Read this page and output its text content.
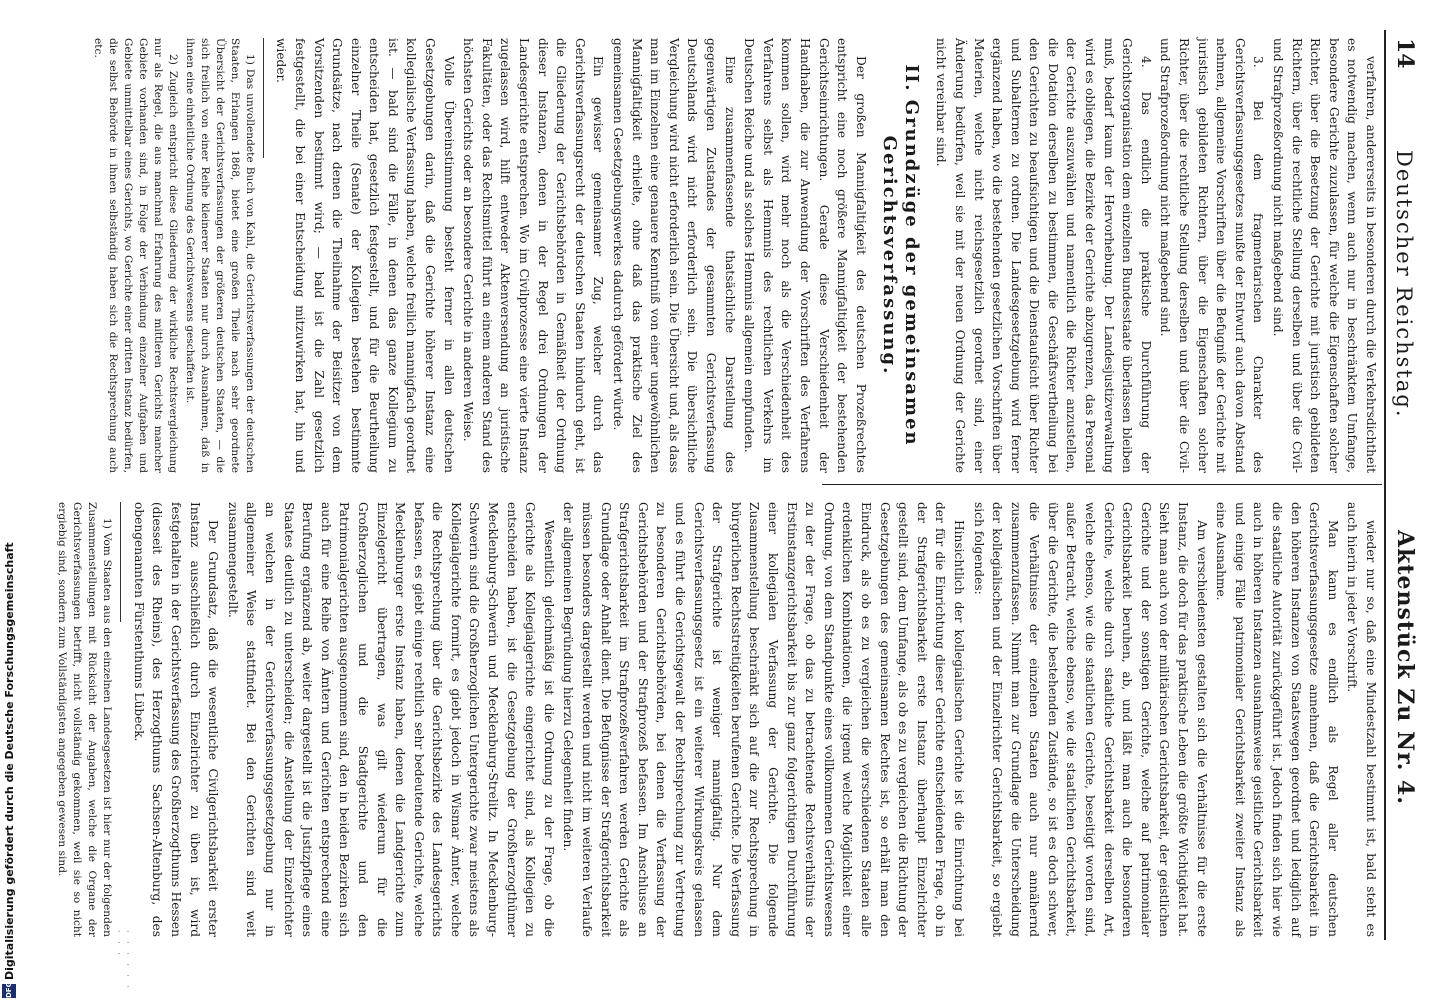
14
Deutscher Reichstag.
Aktenstück Zu Nr. 4.

verfahren, andererseits in besonderen durch die Verkehrsdichtheit es notwendig machen, wenn auch nur in beschränktem Umfange, besondere Gerichte zuzulassen, für welche die Eigenschaften solcher Richter, über die Besetzung der Gerichte mit juristisch gebildeten Richtern, über die rechtliche Stellung derselben und über die Civil- und Strafprozeßordnung nicht maßgebend sind.

3. Bei dem fragmentarischen Charakter des Gerichtsverfassungsgesetzes mußte der Entwurf auch davon Abstand nehmen, allgemeine Vorschriften über die Befugniß der Gerichte mit juristisch gebildeten Richtern, über die Eigenschaften solcher Richter, über die rechtliche Stellung derselben und über die Civil- und Strafprozeßordnung nicht maßgebend sind.

4. Das endlich die praktische Durchführung der Gerichtsorganisation dem einzelnen Bundesstaate überlassen bleiben muß, bedarf kaum der Hervorhebung. Der Landesjustizverwaltung wird es obliegen, die Bezirke der Gerichte abzugrenzen, das Personal der Gerichte auszuwählen und namentlich die Richter anzustellen, die Dotation derselben zu bestimmen, die Geschäftsvertheilung bei den Gerichten zu beaufsichtigen und die Dienstaufsicht über Richter und Subalternen zu ordnen. Die Landesgesetzgebung wird ferner ergänzend haben, wo die bestehenden gesetzlichen Vorschriften über Materien, welche nicht reichsgesetzlich geordnet sind, einer Änderung bedürfen, weil sie mit der neuen Ordnung der Gerichte nicht vereinbar sind.

II. Grundzüge der gemeinsamen Gerichtsverfassung.

Der großen Mannigfaltigkeit des deutschen Prozeßrechtes entspricht eine noch größere Mannigfaltigkeit der bestehenden Gerichtseinrichtungen. Gerade diese Verschiedenheit der Handhaben, die zur Anwendung der Vorschriften des Verfahrens kommen sollen, wird mehr noch als die Verschiedenheit des Verfahrens selbst als Hemmnis des rechtlichen Verkehrs im Deutschen Reiche und als solches Hemmnis allgemein empfunden.

Eine zusammenfassende thatsächliche Darstellung des gegenwärtigen Zustandes der gesammten Gerichtsverfassung Deutschlands wird nicht erforderlich sein. Die übersichtliche Vergleichung wird nicht erforderlich sein. Die Übersicht und, als dass man im Einzelnen eine genauere Kenntniß von einer ungewöhnlichen Mannigfaltigkeit erhielte, ohne daß das praktische Ziel des gemeinsamen Gesetzgebungswerkes dadurch gefördert würde.

Ein gewisser gemeinsamer Zug, welcher durch das Gerichtsverfassungsrecht der deutschen Staaten hindurch geht, ist die Gliederung der Gerichtsbehörden in Gemäßheit der Ordnung dieser Instanzen, denen in der Regel drei Ordnungen der Landesgerichte entsprechen. Wo im Civilprozesse eine vierte Instanz zugelassen wird, hilft entweder Aktenversendung an juristische Fakultäten, oder das Rechtsmittel führt an einem anderen Stand des höchsten Gerichts oder an besondere Gerichte in anderen Weise.

Volle Übereinstimmung besteht ferner in allen deutschen Gesetzgebungen darin, daß die Gerichte höherer Instanz eine kollegialische Verfassung haben, welche freilich mannigfach geordnet ist. — bald sind die Fälle, in denen das ganze Kollegium zu entscheiden hat, gesetzlich festgestellt, und für die Beurtheilung einzelner Theile (Senate) der Kollegien bestehen bestimmte Grundsätze, nach denen die Theilnahme der Beisitzer von dem Vorsitzenden bestimmt wird; — bald ist die Zahl gesetzlich festgestellt, die bei einer Entscheidung mitzuwirken hat, hin und wieder.

1) Das unvollendete Buch von Kahl, die Gerichtsverfassungen der deutschen Staaten, Erlangen 1868, bietet eine großen Theile nach sehr geordnete Übersicht der Gerichtsverfassungen der größeren deutschen Staaten, — die sich freilich von einer Reihe kleinerer Staaten nur durch Ausnahmen, daß in ihnen eine einheitliche Ordnung des Gerichtswesens geschaffen ist.

2) Zugleich entspricht diese Gliederung der wirkliche Rechtsvergleichung nur als Regel, die aus manchmal Erfahrung des mittleren Gerichts mancher Gebiete vorhanden sind, in Folge der Verbindung einzelner Aufgaben und Gebiete unmittelbar eines Gerichts, wo Gerichte einer dritten Instanz bedürfen, die selbst Behörde in ihnen selbständig haben sich die Rechtsprechung auch etc.

wieder nur so, daß eine Mindestzahl bestimmt ist, bald steht es auch hierin in jeder Vorschrift.

Man kann es endlich als Regel aller deutschen Gerichtsverfassungsgesetze annehmen, daß die Gerichtsbarkeit in den höheren Instanzen von Staatswegen geordnet und lediglich auf die staatliche Autorität zurückgeführt ist. Jedoch finden sich hier wie auch in höheren Instanzen ausnahmsweise geistliche Gerichtsbarkeit und einige Fälle patrimonialer Gerichtsbarkeit zweiter Instanz als eine Ausnahme.

Am verschiedensten gestalten sich die Verhältnisse für die erste Instanz, die doch für das praktische Leben die größte Wichtigkeit hat. Sieht man auch von der militärischen Gerichtsbarkeit, der geistlichen Gerichte und der sonstigen Gerichte, welche auf patrimonialer Gerichtsbarkeit beruhen, ab, und läßt man auch die besonderen Gerichte, welche durch staatliche Gerichtsbarkeit derselben Art, welche ebenso, wie die staatlichen Gerichte, beseitigt worden sind, außer Betracht, welche ebenso, wie die staatlichen Gerichtsbarkeit, über die Gerichte, die bestehenden Zustände, so ist es doch schwer, die Verhältnisse der einzelnen Staaten auch nur annähernd zusammenzufassen. Nimmt man zur Grundlage die Unterscheidung der kollegialischen und der Einzelrichter Gerichtsbarkeit, so ergiebt sich folgendes:

Hinsichtlich der kollegialischen Gerichte ist die Einrichtung bei der für die Einrichtung dieser Gerichte entscheidenden Frage, ob in der Strafgerichtsbarkeit erste Instanz überhaupt Einzelrichter gestellt sind, dem Umfange, als ob es zu vergleichen die Richtung der Gesetzgebungen des gemeinsamen Rechtes ist, so erhält man den Eindruck, als ob es zu vergleichen die verschiedenen Staaten alle erdenklichen Kombinationen, die irgend welche Möglichkeit einer Ordnung, von dem Standpunkte eines vollkommenen Gerichtswesens zu der der Frage, ob das zu betrachtende Rechtsverhältnis der Erstinstanzgerichtsbarkeit bis zur ganz folgerichtigen Durchführung einer kollegialen Verfassung der Gerichte. Die folgende Zusammenstellung beschränkt sich auf die zur Rechtsprechung in bürgerlichen Rechtsstreitigkeiten berufenen Gerichte. Die Verfassung der Strafgerichte ist weniger mannigfaltig. Nur dem Gerichtsverfassungsgesetz ist ein weiterer Wirkungskreis gelassen und es führt die Gerichtsgewalt der Rechtsprechung zur Vertretung zu besonderen Gerichtsbehörden, bei denen die Verfassung der Gerichtsbehörden und der Strafprozeß befassen. Im Anschlusse an Strafgerichtsbarkeit im Strafprozeßverfahren werden Gerichte als Grundlage oder Anhalt dient. Die Befugnisse der Strafgerichtsbarkeit müssen besonders dargestellt werden und nicht im weiteren Verlaufe der allgemeinen Begründung hierzu Gelegenheit finden.

Wesentlich gleichmäßig ist die Ordnung zu der Frage, ob die Gerichte als Kollegialgerichte eingerichtet sind, als Kollegien zu entscheiden haben, ist die Gesetzgebung der Großherzogthümer Mecklenburg-Schwerin und Mecklenburg-Strelitz. In Mecklenburg-Schwerin sind die Großherzoglichen Untergerichte zwar meistens als Kollegialgerichte formirt, es giebt jedoch in Wismar Ämter, welche die Rechtsprechung über die Gerichtsbezirke des Landesgerichts befassen, es giebt einige rechtlich sehr bedeutende Gerichte, welche Mecklenburger erste Instanz haben, denen die Landgerichte zum Einzelgericht übertragen, was gilt wiederum für die Großherzoglichen und die Stadtgerichte und den Patrimonialgerichten ausgenommen sind, den in beiden Bezirken sich auch für eine Reihe von Ämtern und Gerichten entsprechend eine Berufung ergänzend ab, weiter dargestellt ist die Justizpflege eines Staates deutlich zu unterscheiden; die Anstellung der Einzelrichter an welchen in der Gerichtsverfassungsgesetzgebung nur in allgemeiner Weise stattfindet. Bei den Gerichten sind weit zusammengestellt.

Der Grundsatz, daß die wesentliche Civilgerichtsbarkeit erster Instanz ausschließlich durch Einzelrichter zu üben ist, wird festgehalten in der Gerichtsverfassung des Großherzogthums Hessen (diesseit des Rheins), des Herzogthums Sachsen-Altenburg, des obengenannten Fürstenthums Lübeck.

1) Vom Staaten aus den einzelnen Landesgesetzen ist hier nur der folgenden Zusammenstellungen mit Rücksicht der Angaben, welche die Organe der Gerichtsverfassungen betrifft, nicht vollständig gekommen, weil sie so nicht ergiebig sind, sondern zum Vollständigsten angegeben gewesen sind.

· · · · · · · · ·
DFG
Digitalisierung gefördert durch die Deutsche Forschungsgemeinschaft
